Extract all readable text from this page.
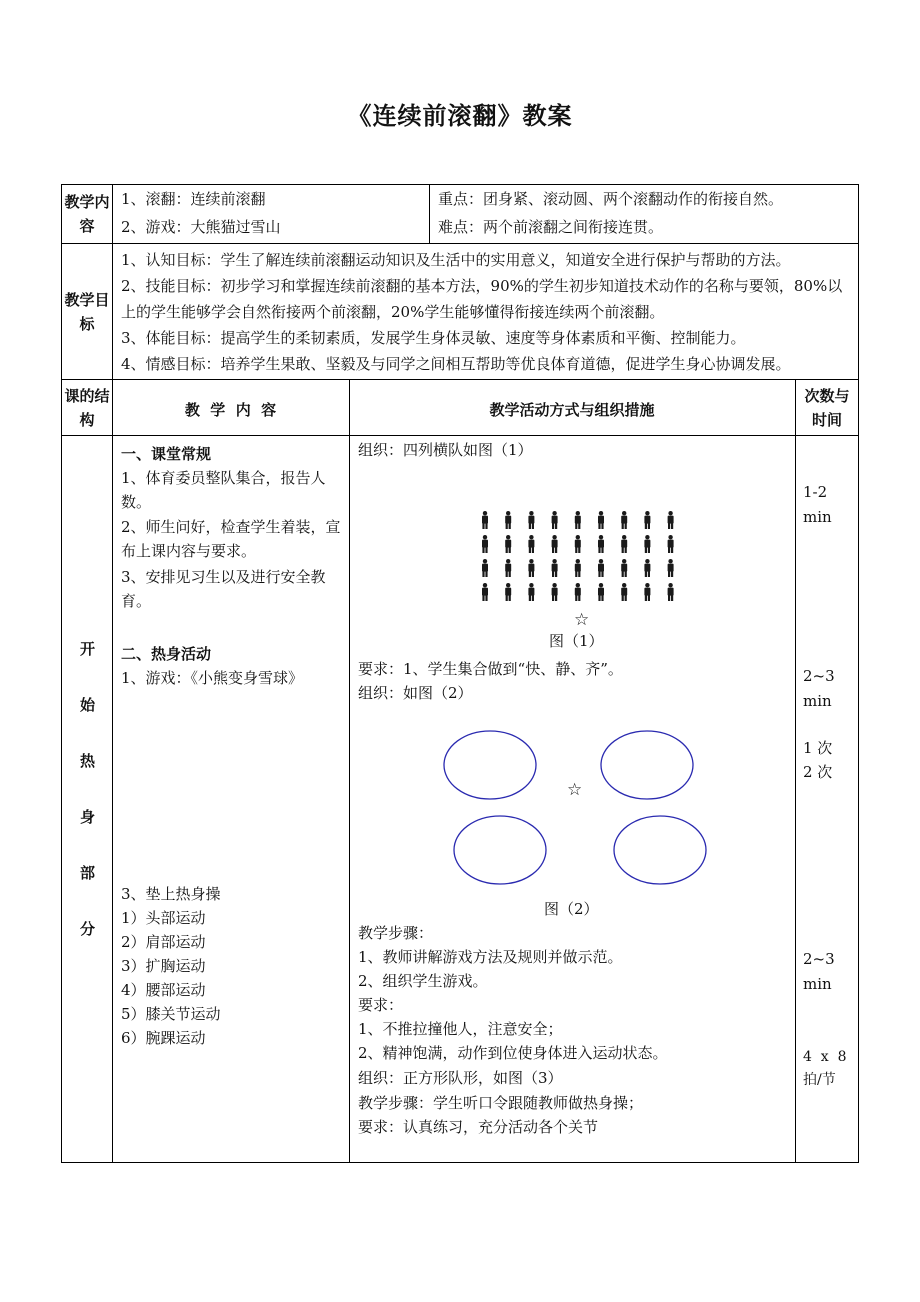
《连续前滚翻》教案
教学内容
1、滚翻：连续前滚翻
2、游戏：大熊猫过雪山
重点：团身紧、滚动圆、两个滚翻动作的衔接自然。
难点：两个前滚翻之间衔接连贯。
教学目标
1、认知目标：学生了解连续前滚翻运动知识及生活中的实用意义，知道安全进行保护与帮助的方法。
2、技能目标：初步学习和掌握连续前滚翻的基本方法，90%的学生初步知道技术动作的名称与要领，80%以上的学生能够学会自然衔接两个前滚翻，20%学生能够懂得衔接连续两个前滚翻。
3、体能目标：提高学生的柔韧素质，发展学生身体灵敏、速度等身体素质和平衡、控制能力。
4、情感目标：培养学生果敢、坚毅及与同学之间相互帮助等优良体育道德，促进学生身心协调发展。
课的结构
教  学  内  容	教学活动方式与组织措施
次数与时间
开
始
热
身
部
分
一、课堂常规
1、体育委员整队集合，报告人数。
2、师生问好，检查学生着装，宣布上课内容与要求。
3、安排见习生以及进行安全教育。
二、热身活动
1、游戏：《小熊变身雪球》
3、垫上热身操
1）头部运动
2）肩部运动
3）扩胸运动
4）腰部运动
5）膝关节运动
6）腕踝运动
组织：四列横队如图（1）
☆
图（1）
要求：1、学生集合做到“快、静、齐”。
组织：如图（2）
☆
图（2）
教学步骤：
1、教师讲解游戏方法及规则并做示范。
2、组织学生游戏。
要求：
1、不推拉撞他人，注意安全；
2、精神饱满，动作到位使身体进入运动状态。
组织：正方形队形，如图（3）
教学步骤：学生听口令跟随教师做热身操；
要求：认真练习，充分活动各个关节
1-2
min
2~3
min
1 次
2 次
2~3
min
4  x  8
拍/节
